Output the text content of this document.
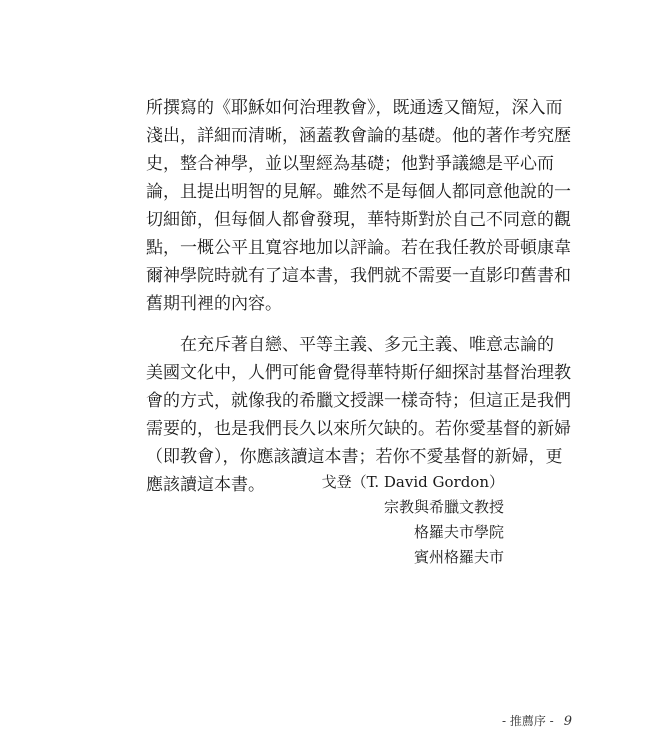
所撰寫的《耶穌如何治理教會》，既通透又簡短，深入而
淺出，詳細而清晰，涵蓋教會論的基礎。他的著作考究歷
史，整合神學，並以聖經為基礎；他對爭議總是平心而
論，且提出明智的見解。雖然不是每個人都同意他說的一
切細節，但每個人都會發現，華特斯對於自己不同意的觀
點，一概公平且寬容地加以評論。若在我任教於哥頓康韋
爾神學院時就有了這本書，我們就不需要一直影印舊書和
舊期刊裡的內容。
　　在充斥著自戀、平等主義、多元主義、唯意志論的
美國文化中，人們可能會覺得華特斯仔細探討基督治理教
會的方式，就像我的希臘文授課一樣奇特；但這正是我們
需要的，也是我們長久以來所欠缺的。若你愛基督的新婦
（即教會），你應該讀這本書；若你不愛基督的新婦，更
應該讀這本書。	戈登（T. David Gordon）
宗教與希臘文教授
格羅夫市學院
賓州格羅夫市
- 推薦序 - 9
